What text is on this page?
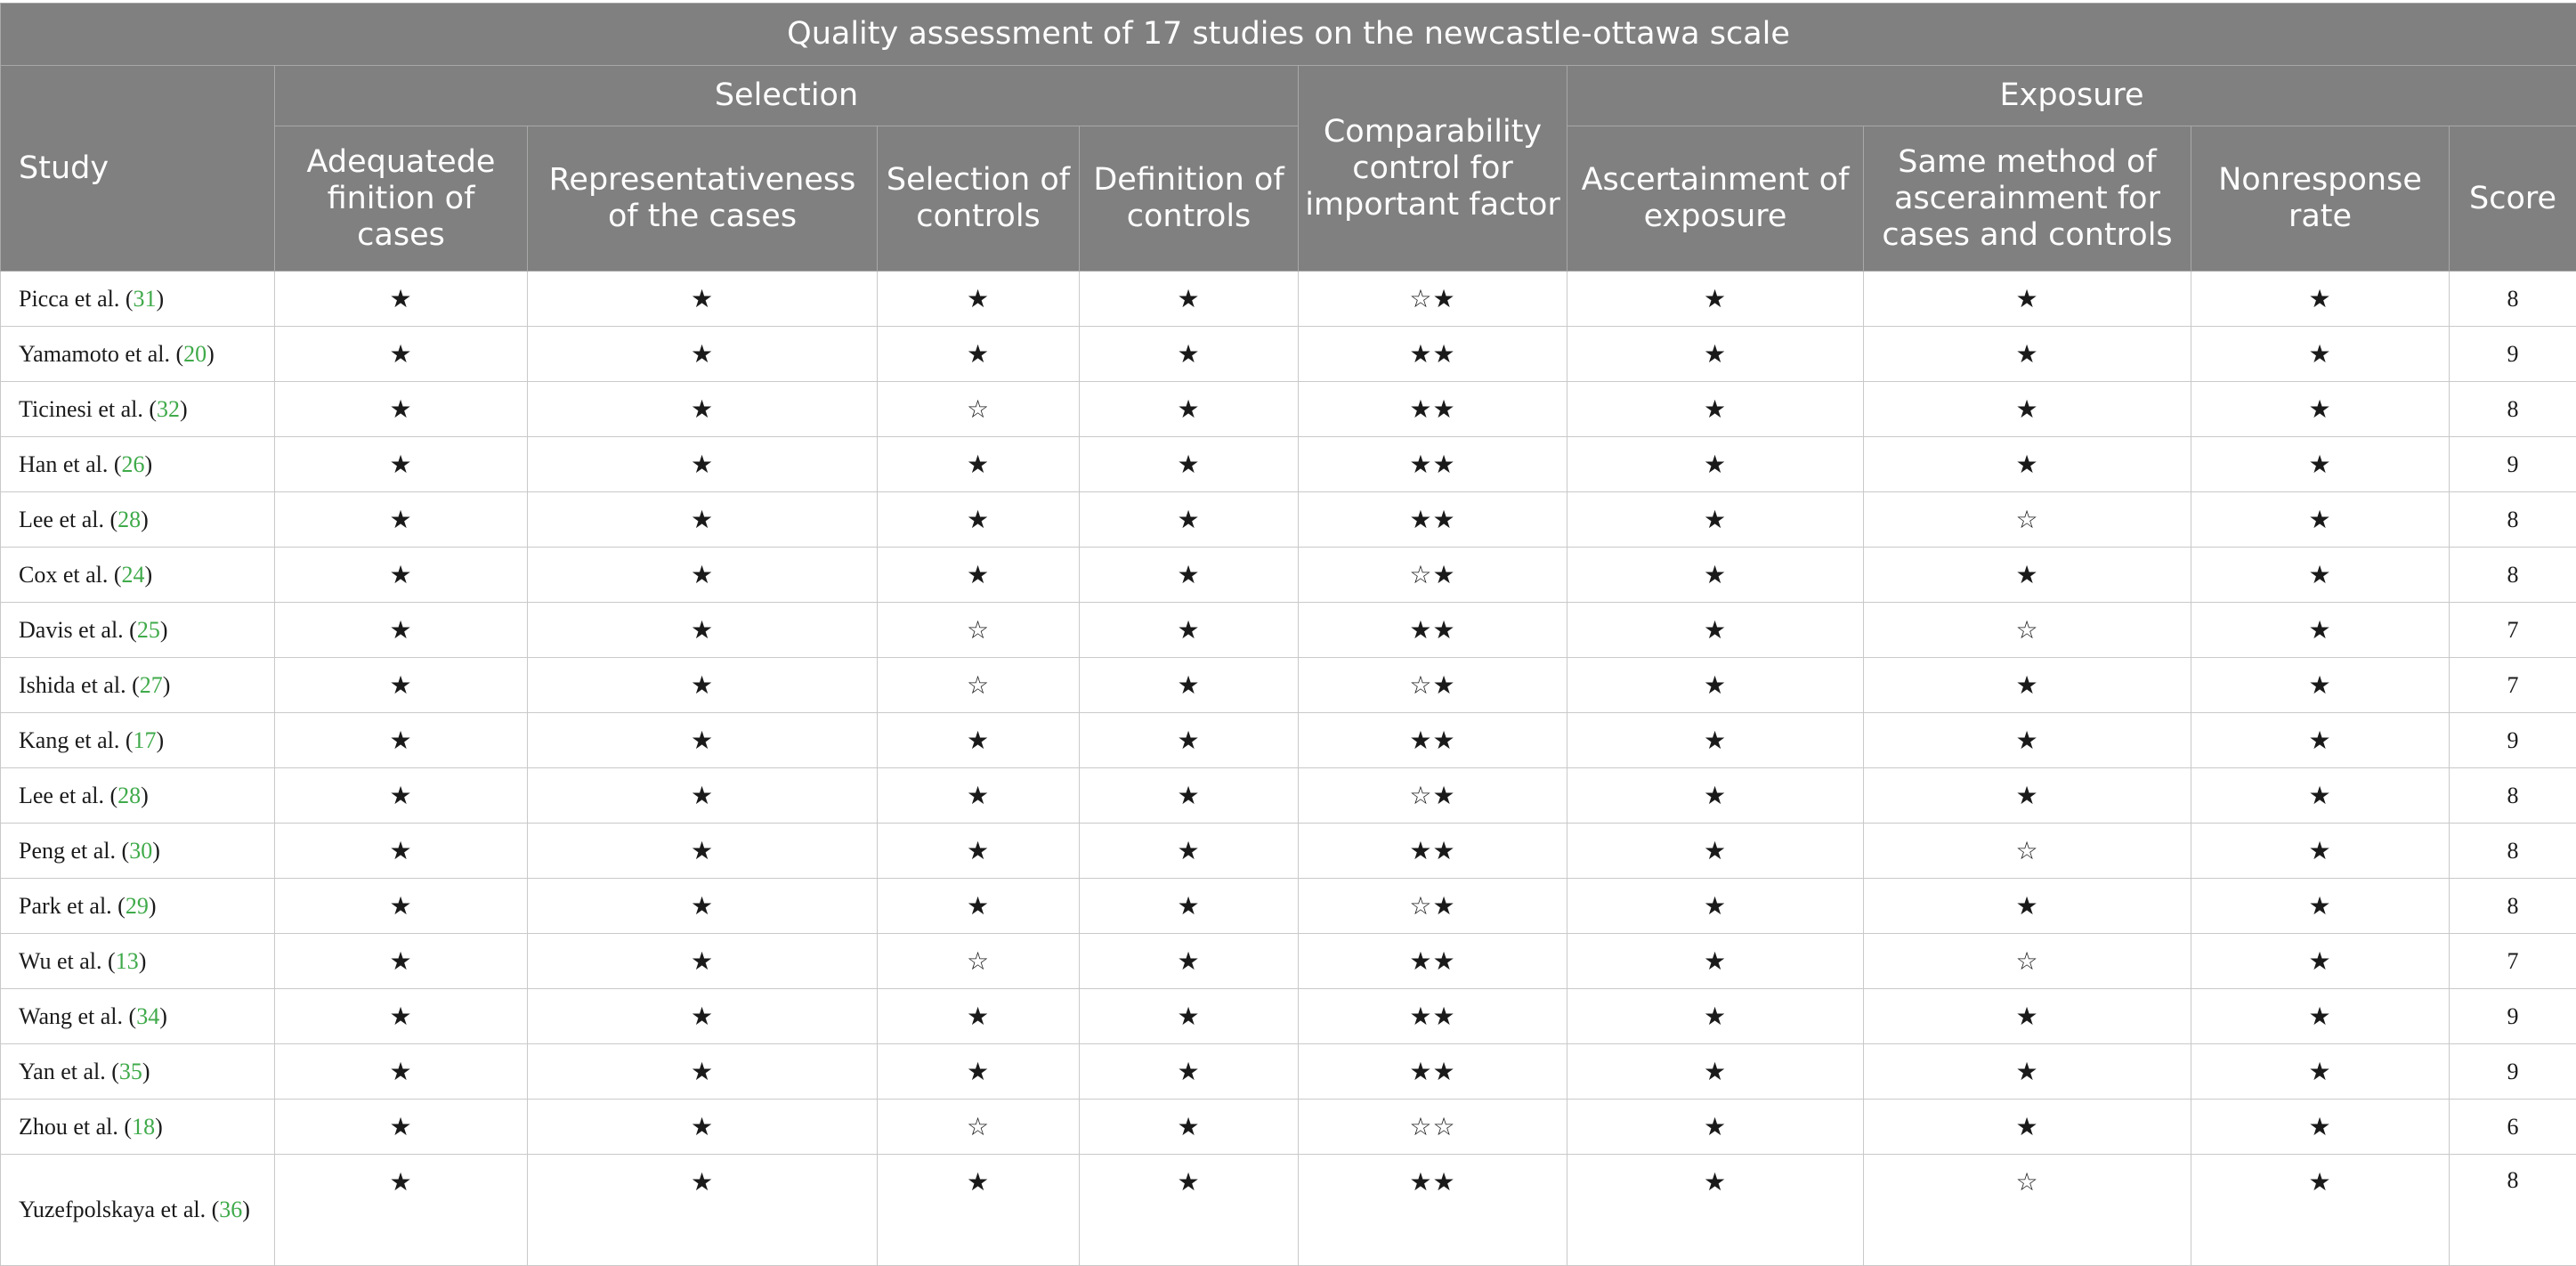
Quality assessment of 17 studies on the newcastle-ottawa scale									
Study	Selection				Comparability control for important factor	Exposure			
	Adequatede finition of cases	Representativeness of the cases	Selection of controls	Definition of controls		Ascertainment of exposure	Same method of ascerainment for cases and controls	Nonresponse rate	Score
Picca et al. (31)	★	★	★	★	☆★	★	★	★	8
Yamamoto et al. (20)	★	★	★	★	★★	★	★	★	9
Ticinesi et al. (32)	★	★	☆	★	★★	★	★	★	8
Han et al. (26)	★	★	★	★	★★	★	★	★	9
Lee et al. (28)	★	★	★	★	★★	★	☆	★	8
Cox et al. (24)	★	★	★	★	☆★	★	★	★	8
Davis et al. (25)	★	★	☆	★	★★	★	☆	★	7
Ishida et al. (27)	★	★	☆	★	☆★	★	★	★	7
Kang et al. (17)	★	★	★	★	★★	★	★	★	9
Lee et al. (28)	★	★	★	★	☆★	★	★	★	8
Peng et al. (30)	★	★	★	★	★★	★	☆	★	8
Park et al. (29)	★	★	★	★	☆★	★	★	★	8
Wu et al. (13)	★	★	☆	★	★★	★	☆	★	7
Wang et al. (34)	★	★	★	★	★★	★	★	★	9
Yan et al. (35)	★	★	★	★	★★	★	★	★	9
Zhou et al. (18)	★	★	☆	★	☆☆	★	★	★	6
Yuzefpolskaya et al. (36)	★	★	★	★	★★	★	☆	★	8
